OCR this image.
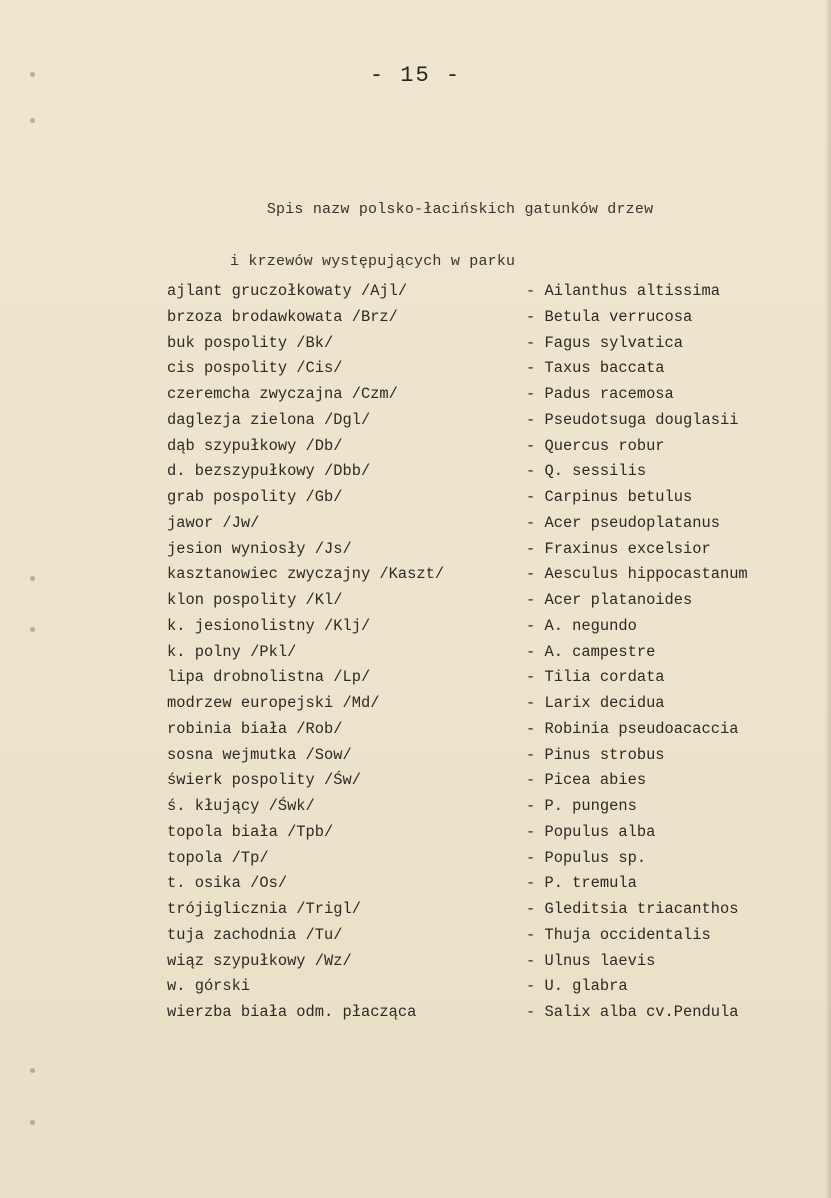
- 15 -

Spis nazw polsko-łacińskich gatunków drzew

i krzewów występujących w parku

ajlant gruczołkowaty /Ajl/	- Ailanthus altissima
brzoza brodawkowata /Brz/	- Betula verrucosa
buk pospolity /Bk/	- Fagus sylvatica
cis pospolity /Cis/	- Taxus baccata
czeremcha zwyczajna /Czm/	- Padus racemosa
daglezja zielona /Dgl/	- Pseudotsuga douglasii
dąb szypułkowy /Db/	- Quercus robur
d. bezszypułkowy /Dbb/	- Q. sessilis
grab pospolity /Gb/	- Carpinus betulus
jawor /Jw/	- Acer pseudoplatanus
jesion wyniosły /Js/	- Fraxinus excelsior
kasztanowiec zwyczajny /Kaszt/	- Aesculus hippocastanum
klon pospolity /Kl/	- Acer platanoides
k. jesionolistny /Klj/	- A. negundo
k. polny /Pkl/	- A. campestre
lipa drobnolistna /Lp/	- Tilia cordata
modrzew europejski /Md/	- Larix decidua
robinia biała /Rob/	- Robinia pseudoacaccia
sosna wejmutka /Sow/	- Pinus strobus
świerk pospolity /Św/	- Picea abies
ś. kłujący /Śwk/	- P. pungens
topola biała /Tpb/	- Populus alba
topola /Tp/	- Populus sp.
t. osika /Os/	- P. tremula
trójiglicznia /Trigl/	- Gleditsia triacanthos
tuja zachodnia /Tu/	- Thuja occidentalis
wiąz szypułkowy /Wz/	- Ulnus laevis
w. górski	- U. glabra
wierzba biała odm. płacząca	- Salix alba cv.Pendula
